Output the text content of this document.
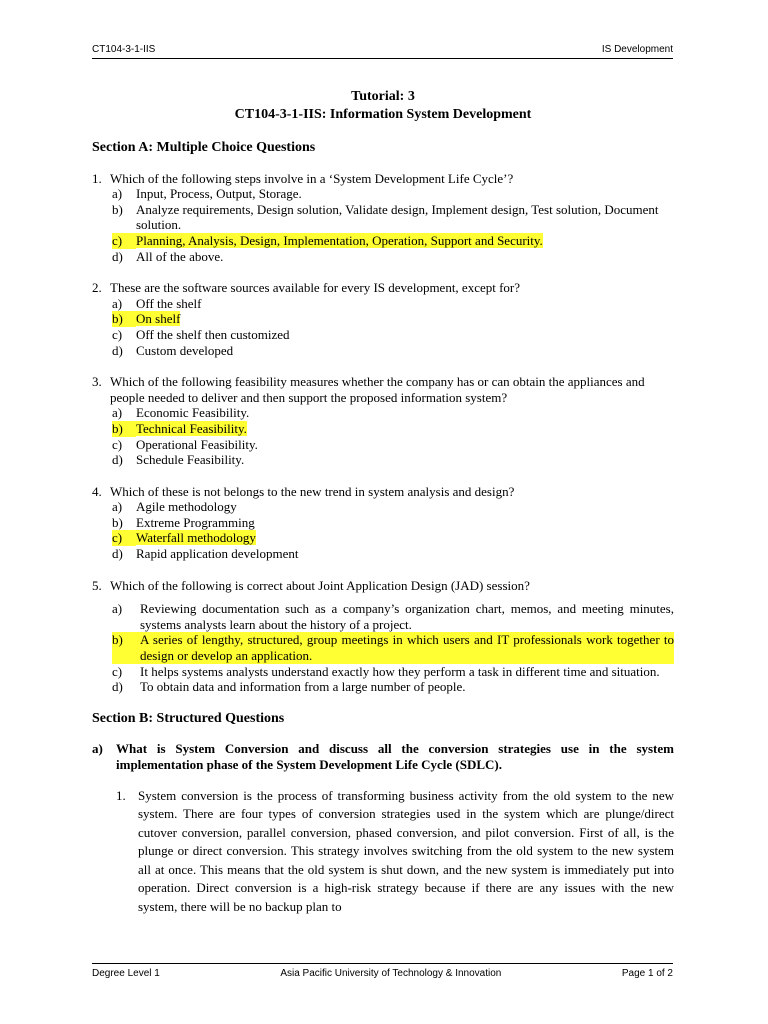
CT104-3-1-IIS	IS Development
Tutorial: 3
CT104-3-1-IIS: Information System Development
Section A: Multiple Choice Questions
1. Which of the following steps involve in a ‘System Development Life Cycle’?
a)	Input, Process, Output, Storage.
b)	Analyze requirements, Design solution, Validate design, Implement design, Test solution, Document solution.
c)	Planning, Analysis, Design, Implementation, Operation, Support and Security.
d)	All of the above.
2. These are the software sources available for every IS development, except for?
a)	Off the shelf
b)	On shelf
c)	Off the shelf then customized
d)	Custom developed
3. Which of the following feasibility measures whether the company has or can obtain the appliances and people needed to deliver and then support the proposed information system?
a)	Economic Feasibility.
b)	Technical Feasibility.
c)	Operational Feasibility.
d)	Schedule Feasibility.
4. Which of these is not belongs to the new trend in system analysis and design?
a)	Agile methodology
b)	Extreme Programming
c)	Waterfall methodology
d)	Rapid application development
5. Which of the following is correct about Joint Application Design (JAD) session?
a)	Reviewing documentation such as a company’s organization chart, memos, and meeting minutes, systems analysts learn about the history of a project.
b)	A series of lengthy, structured, group meetings in which users and IT professionals work together to design or develop an application.
c)	It helps systems analysts understand exactly how they perform a task in different time and situation.
d)	To obtain data and information from a large number of people.
Section B: Structured Questions
a)	What is System Conversion and discuss all the conversion strategies use in the system implementation phase of the System Development Life Cycle (SDLC).
1. System conversion is the process of transforming business activity from the old system to the new system. There are four types of conversion strategies used in the system which are plunge/direct cutover conversion, parallel conversion, phased conversion, and pilot conversion. First of all, is the plunge or direct conversion. This strategy involves switching from the old system to the new system all at once. This means that the old system is shut down, and the new system is immediately put into operation. Direct conversion is a high-risk strategy because if there are any issues with the new system, there will be no backup plan to
Degree Level 1	Asia Pacific University of Technology & Innovation	Page 1 of 2
